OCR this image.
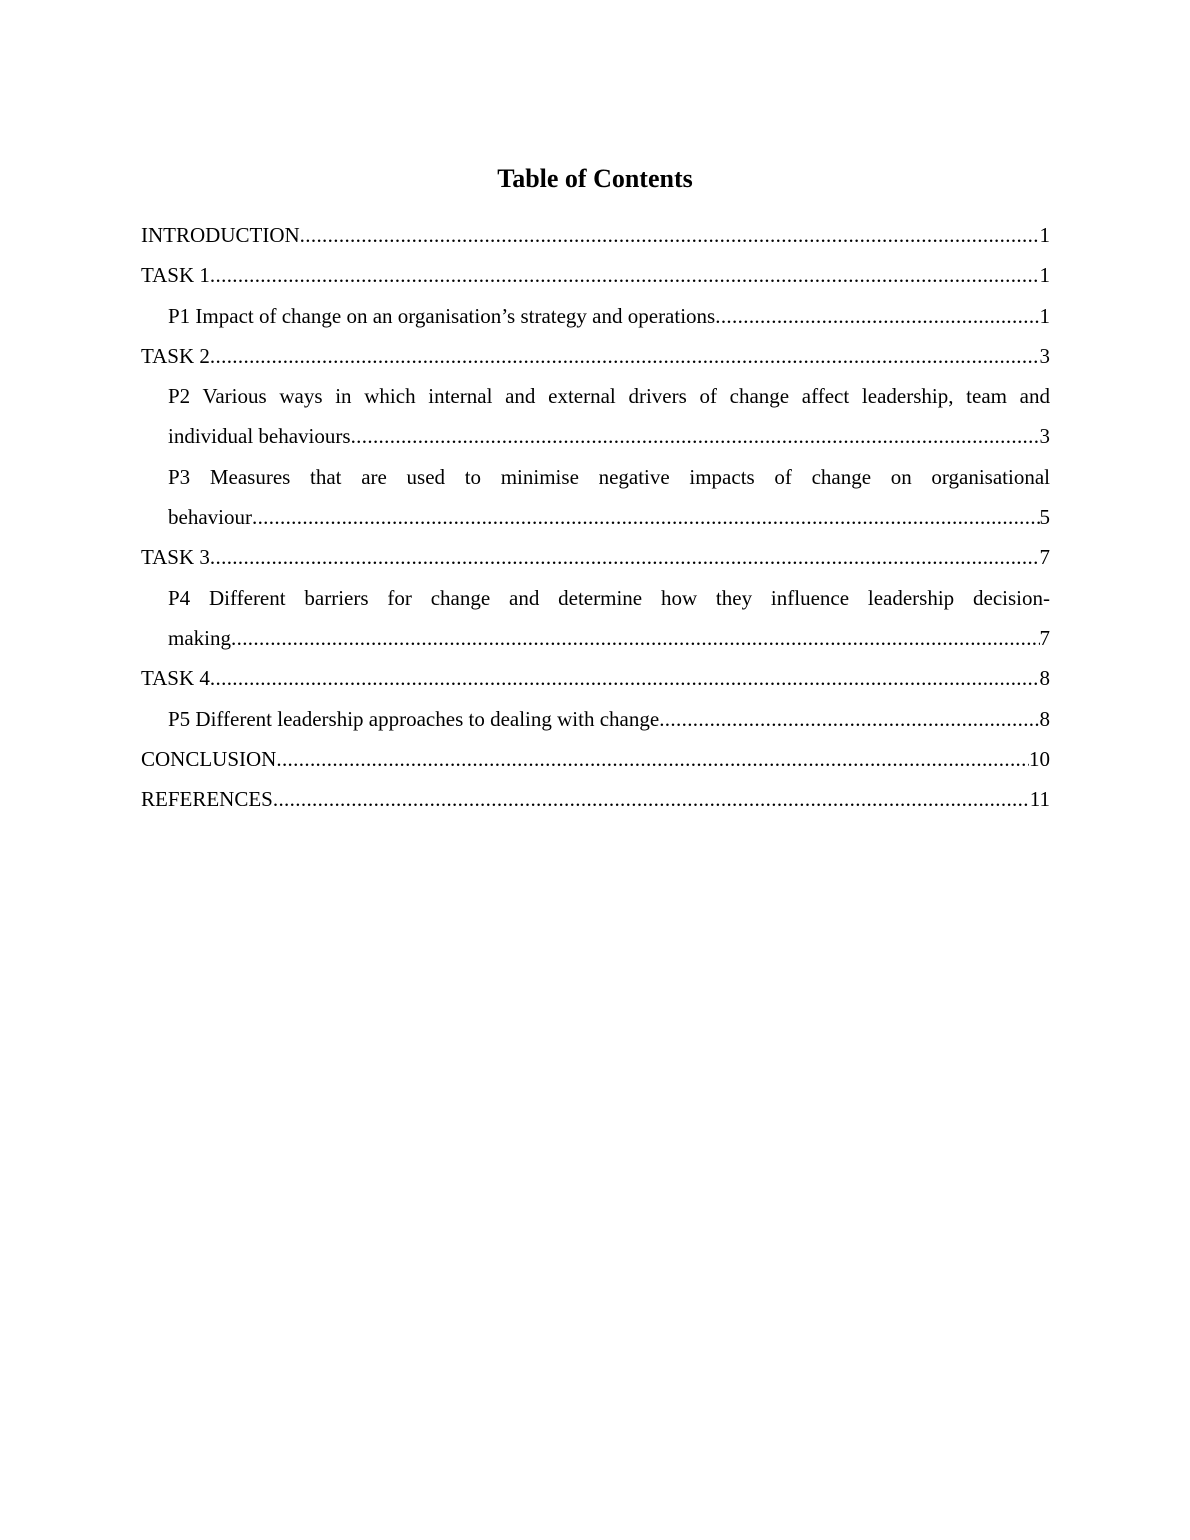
Table of Contents
INTRODUCTION .....	1
TASK 1 .....	1
P1 Impact of change on an organisation’s strategy and operations .....	1
TASK 2 .....	3
P2 Various ways in which internal and external drivers of change affect leadership, team and
individual behaviours .....	3
P3 Measures that are used to minimise negative impacts of change on organisational
behaviour .....	5
TASK 3 .....	7
P4 Different barriers for change and determine how they influence leadership decision-
making .....	7
TASK 4 .....	8
P5 Different leadership approaches to dealing with change .....	8
CONCLUSION .....	10
REFERENCES .....	11
